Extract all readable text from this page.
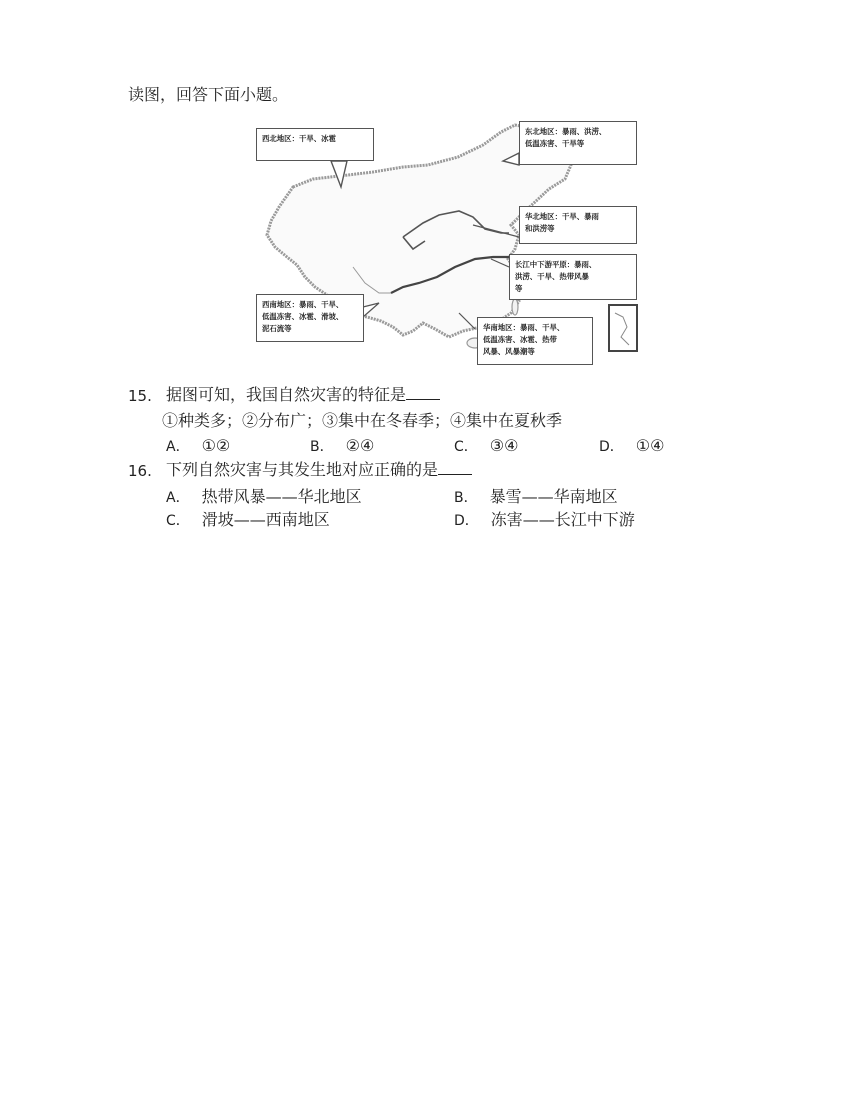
读图，回答下面小题。
西北地区：干旱、冰雹
东北地区：暴雨、洪涝、
低温冻害、干旱等
华北地区：干旱、暴雨
和洪涝等
长江中下游平原：暴雨、
洪涝、干旱、热带风暴
等
西南地区：暴雨、干旱、
低温冻害、冰雹、滑坡、
泥石流等	华南地区：暴雨、干旱、
低温冻害、冰雹、热带
风暴、风暴潮等
15. 据图可知，我国自然灾害的特征是
①种类多；②分布广；③集中在冬春季；④集中在夏秋季
A． ①②	B． ②④	C． ③④	D． ①④
16. 下列自然灾害与其发生地对应正确的是
A． 热带风暴——华北地区	B． 暴雪——华南地区
C． 滑坡——西南地区	D． 冻害——长江中下游
